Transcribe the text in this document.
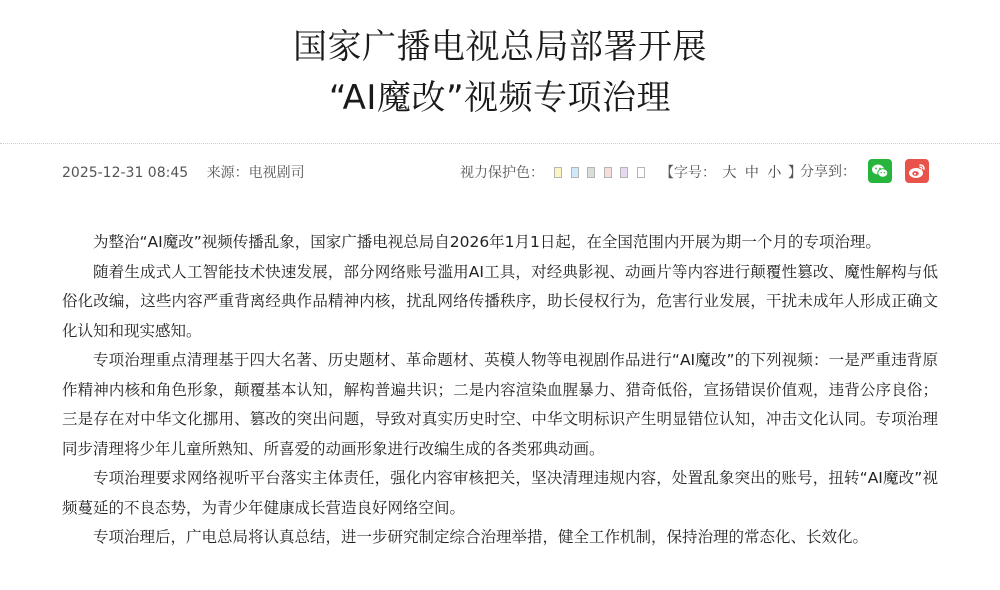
国家广播电视总局部署开展
“AI魔改”视频专项治理
2025-12-31 08:45 来源：电视剧司	视力保护色：	【字号： 大 中 小 】
分享到：

为整治“AI魔改”视频传播乱象，国家广播电视总局自2026年1月1日起，在全国范围内开展为期一个月的专项治理。

随着生成式人工智能技术快速发展，部分网络账号滥用AI工具，对经典影视、动画片等内容进行颠覆性篡改、魔性解构与低俗化改编，这些内容严重背离经典作品精神内核，扰乱网络传播秩序，助长侵权行为，危害行业发展，干扰未成年人形成正确文化认知和现实感知。

专项治理重点清理基于四大名著、历史题材、革命题材、英模人物等电视剧作品进行“AI魔改”的下列视频：一是严重违背原作精神内核和角色形象，颠覆基本认知，解构普遍共识；二是内容渲染血腥暴力、猎奇低俗，宣扬错误价值观，违背公序良俗；三是存在对中华文化挪用、篡改的突出问题，导致对真实历史时空、中华文明标识产生明显错位认知，冲击文化认同。专项治理同步清理将少年儿童所熟知、所喜爱的动画形象进行改编生成的各类邪典动画。

专项治理要求网络视听平台落实主体责任，强化内容审核把关，坚决清理违规内容，处置乱象突出的账号，扭转“AI魔改”视频蔓延的不良态势，为青少年健康成长营造良好网络空间。

专项治理后，广电总局将认真总结，进一步研究制定综合治理举措，健全工作机制，保持治理的常态化、长效化。
